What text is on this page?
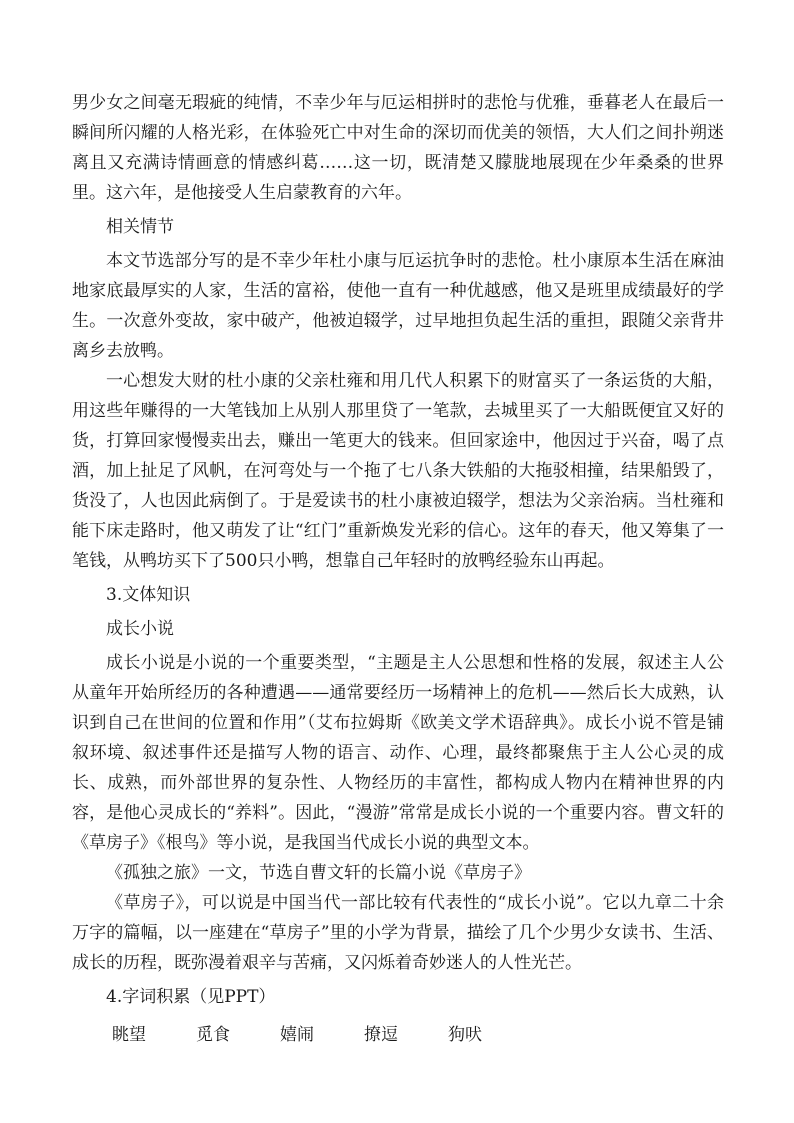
男少女之间毫无瑕疵的纯情，不幸少年与厄运相拼时的悲怆与优雅，垂暮老人在最后一瞬间所闪耀的人格光彩，在体验死亡中对生命的深切而优美的领悟，大人们之间扑朔迷离且又充满诗情画意的情感纠葛……这一切，既清楚又朦胧地展现在少年桑桑的世界里。这六年，是他接受人生启蒙教育的六年。

相关情节

本文节选部分写的是不幸少年杜小康与厄运抗争时的悲怆。杜小康原本生活在麻油地家底最厚实的人家，生活的富裕，使他一直有一种优越感，他又是班里成绩最好的学生。一次意外变故，家中破产，他被迫辍学，过早地担负起生活的重担，跟随父亲背井离乡去放鸭。

一心想发大财的杜小康的父亲杜雍和用几代人积累下的财富买了一条运货的大船，用这些年赚得的一大笔钱加上从别人那里贷了一笔款，去城里买了一大船既便宜又好的货，打算回家慢慢卖出去，赚出一笔更大的钱来。但回家途中，他因过于兴奋，喝了点酒，加上扯足了风帆，在河弯处与一个拖了七八条大铁船的大拖驳相撞，结果船毁了，货没了，人也因此病倒了。于是爱读书的杜小康被迫辍学，想法为父亲治病。当杜雍和能下床走路时，他又萌发了让“红门”重新焕发光彩的信心。这年的春天，他又筹集了一笔钱，从鸭坊买下了500只小鸭，想靠自己年轻时的放鸭经验东山再起。

3.文体知识

成长小说

成长小说是小说的一个重要类型，“主题是主人公思想和性格的发展，叙述主人公从童年开始所经历的各种遭遇——通常要经历一场精神上的危机——然后长大成熟，认识到自己在世间的位置和作用”（艾布拉姆斯《欧美文学术语辞典》。成长小说不管是铺叙环境、叙述事件还是描写人物的语言、动作、心理，最终都聚焦于主人公心灵的成长、成熟，而外部世界的复杂性、人物经历的丰富性，都构成人物内在精神世界的内容，是他心灵成长的“养料”。因此，“漫游”常常是成长小说的一个重要内容。曹文轩的《草房子》《根鸟》等小说，是我国当代成长小说的典型文本。

《孤独之旅》一文，节选自曹文轩的长篇小说《草房子》

《草房子》，可以说是中国当代一部比较有代表性的“成长小说”。它以九章二十余万字的篇幅，以一座建在“草房子”里的小学为背景，描绘了几个少男少女读书、生活、成长的历程，既弥漫着艰辛与苦痛，又闪烁着奇妙迷人的人性光芒。

4.字词积累（见PPT）

眺望	觅食	嬉闹	撩逗	狗吠
